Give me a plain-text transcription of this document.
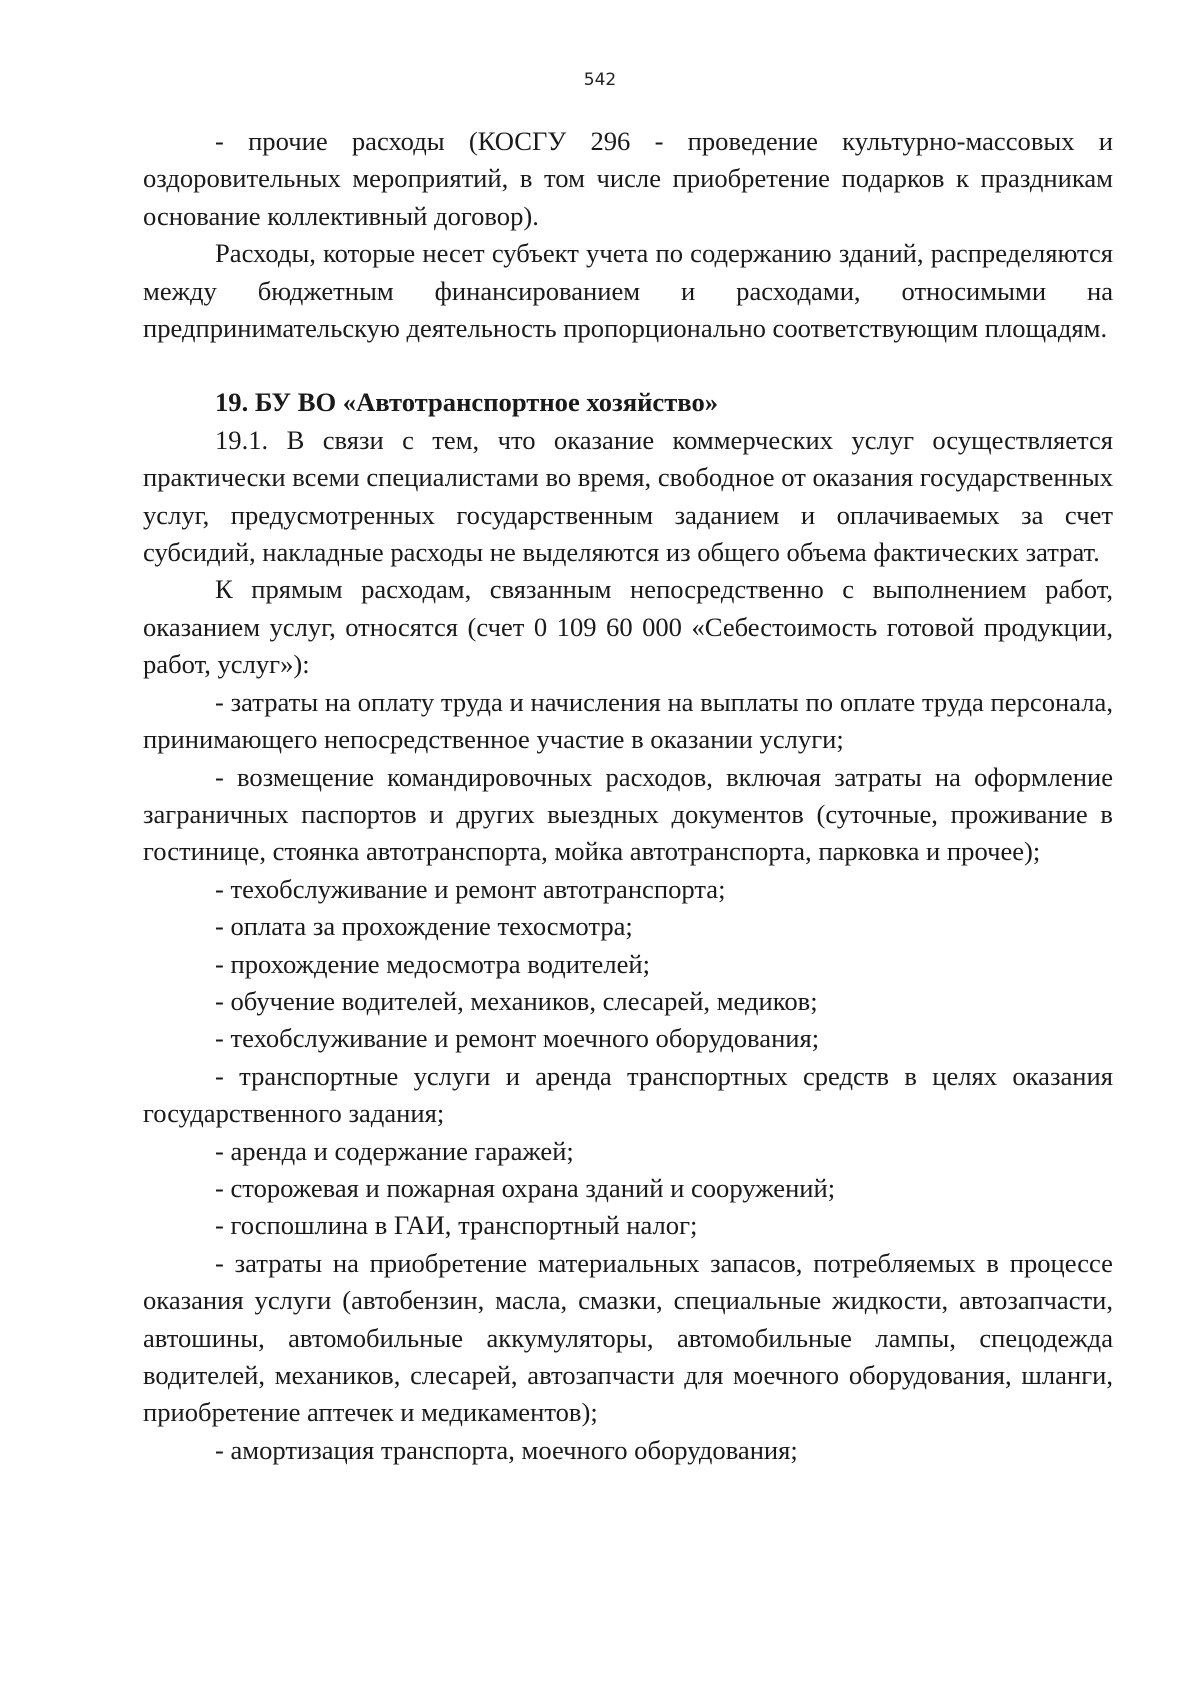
542

- прочие расходы (КОСГУ 296 - проведение культурно-массовых и оздоровительных мероприятий, в том числе приобретение подарков к праздникам основание коллективный договор).

Расходы, которые несет субъект учета по содержанию зданий, распределяются между бюджетным финансированием и расходами, относимыми на предпринимательскую деятельность пропорционально соответствующим площадям.

19. БУ ВО «Автотранспортное хозяйство»

19.1. В связи с тем, что оказание коммерческих услуг осуществляется практически всеми специалистами во время, свободное от оказания государственных услуг, предусмотренных государственным заданием и оплачиваемых за счет субсидий, накладные расходы не выделяются из общего объема фактических затрат.

К прямым расходам, связанным непосредственно с выполнением работ, оказанием услуг, относятся (счет 0 109 60 000 «Себестоимость готовой продукции, работ, услуг»):

- затраты на оплату труда и начисления на выплаты по оплате труда персонала, принимающего непосредственное участие в оказании услуги;

- возмещение командировочных расходов, включая затраты на оформление заграничных паспортов и других выездных документов (суточные, проживание в гостинице, стоянка автотранспорта, мойка автотранспорта, парковка и прочее);

- техобслуживание и ремонт автотранспорта;

- оплата за прохождение техосмотра;

- прохождение медосмотра водителей;

- обучение водителей, механиков, слесарей, медиков;

- техобслуживание и ремонт моечного оборудования;

- транспортные услуги и аренда транспортных средств в целях оказания государственного задания;

- аренда и содержание гаражей;

- сторожевая и пожарная охрана зданий и сооружений;

- госпошлина в ГАИ, транспортный налог;

- затраты на приобретение материальных запасов, потребляемых в процессе оказания услуги (автобензин, масла, смазки, специальные жидкости, автозапчасти, автошины, автомобильные аккумуляторы, автомобильные лампы, спецодежда водителей, механиков, слесарей, автозапчасти для моечного оборудования, шланги, приобретение аптечек и медикаментов);

- амортизация транспорта, моечного оборудования;
